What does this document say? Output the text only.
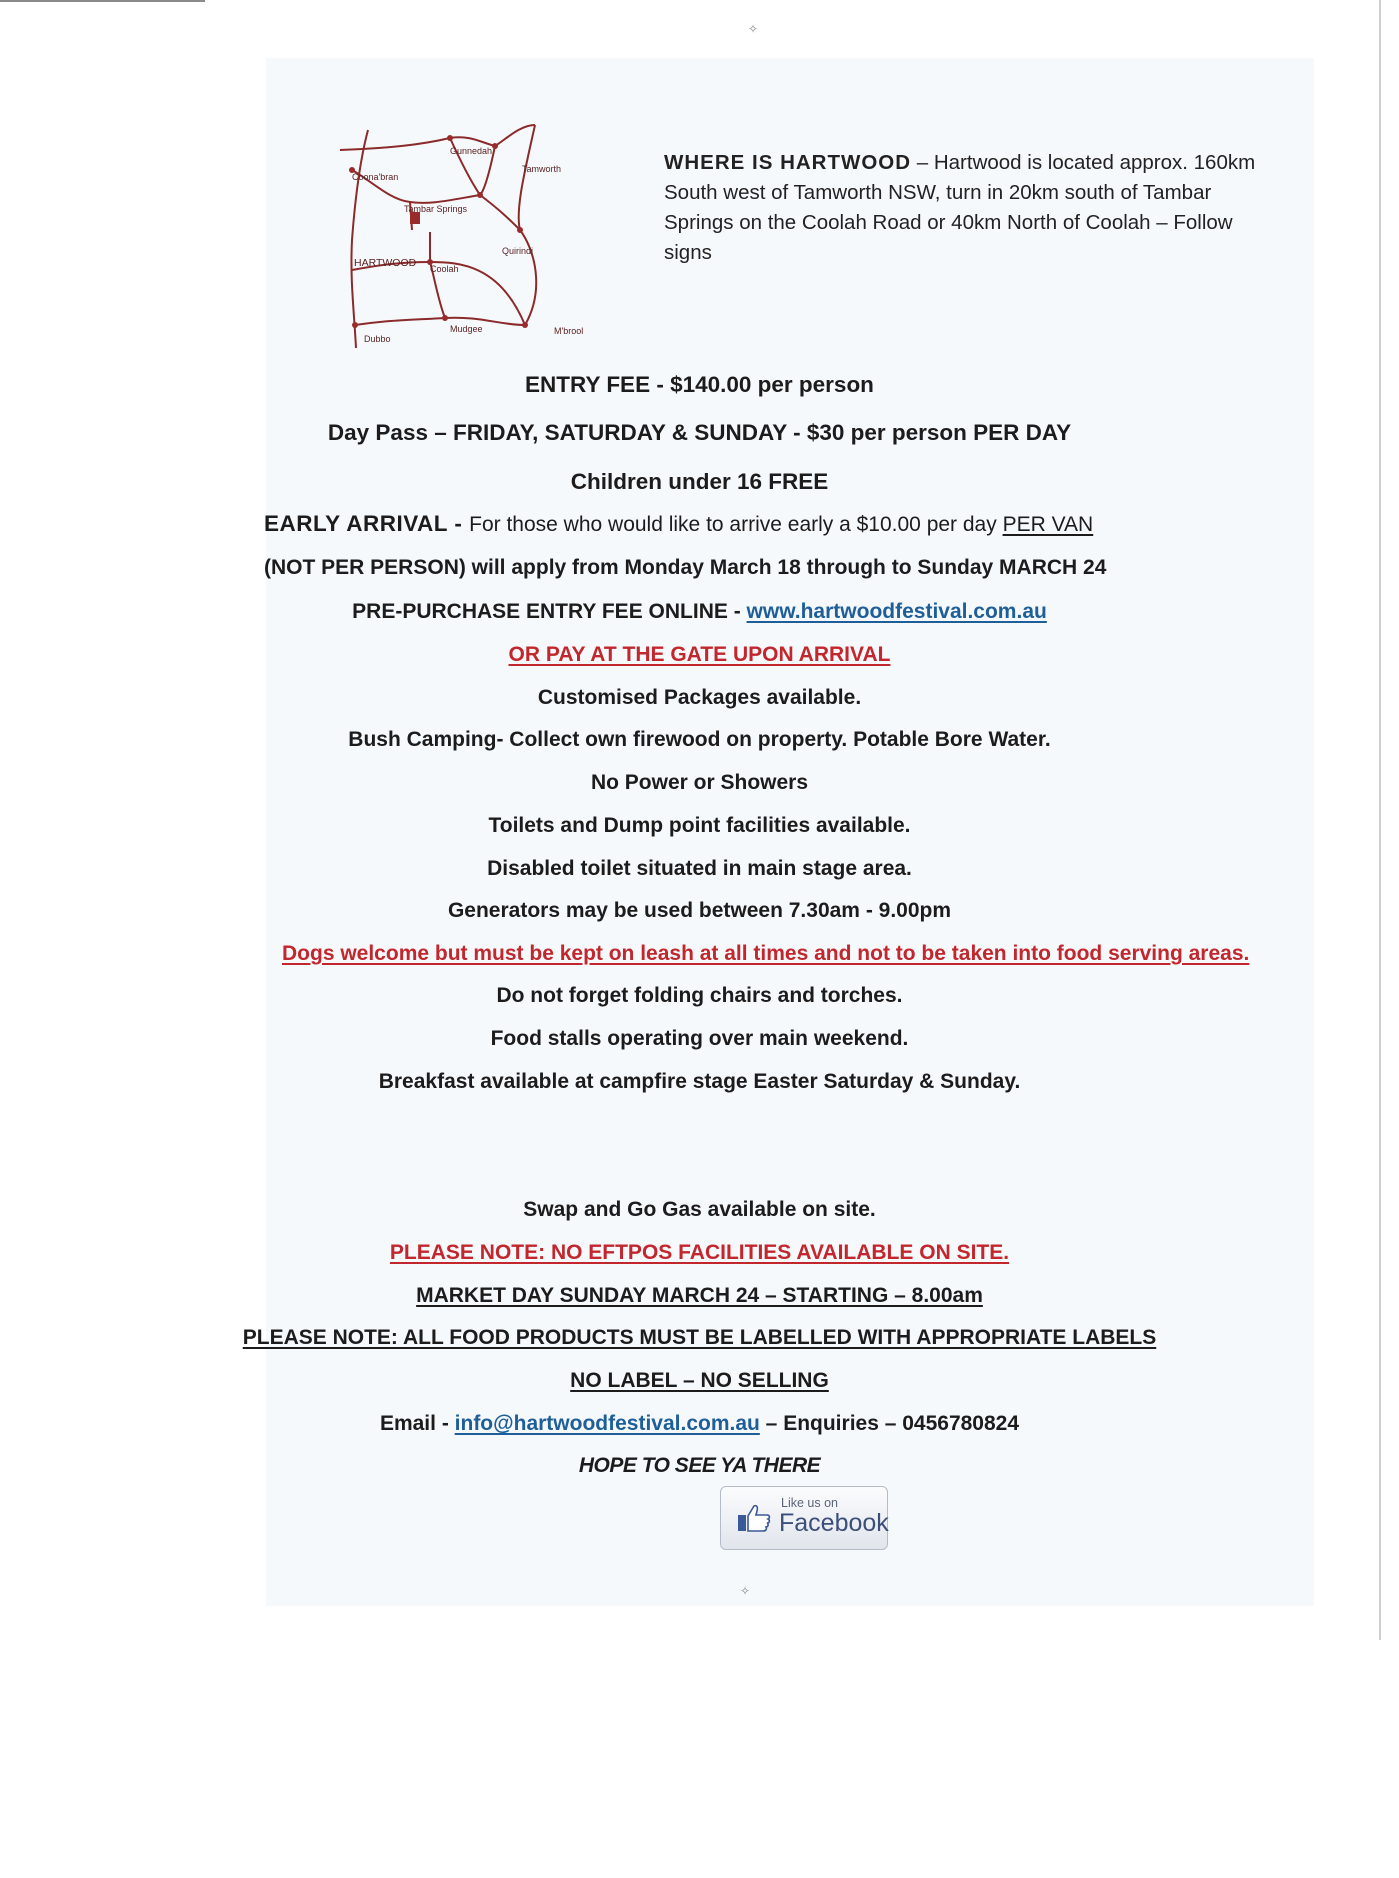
✧
Gunnedah
Coona'bran
Tamworth
Tambar Springs
HARTWOOD Coolah
Quirindi
Dubbo
Mudgee	M'brool
WHERE IS HARTWOOD – Hartwood is located approx. 160km South west of Tamworth NSW, turn in 20km south of Tambar Springs on the Coolah Road or 40km North of Coolah – Follow signs
ENTRY FEE - $140.00 per person
Day Pass – FRIDAY, SATURDAY & SUNDAY - $30 per person PER DAY
Children under 16 FREE
EARLY ARRIVAL - For those who would like to arrive early a $10.00 per day PER VAN
(NOT PER PERSON) will apply from Monday March 18 through to Sunday MARCH 24
PRE-PURCHASE ENTRY FEE ONLINE - www.hartwoodfestival.com.au
OR PAY AT THE GATE UPON ARRIVAL
Customised Packages available.
Bush Camping- Collect own firewood on property. Potable Bore Water.
No Power or Showers
Toilets and Dump point facilities available.
Disabled toilet situated in main stage area.
Generators may be used between 7.30am - 9.00pm
Dogs welcome but must be kept on leash at all times and not to be taken into food serving areas.
Do not forget folding chairs and torches.
Food stalls operating over main weekend.
Breakfast available at campfire stage Easter Saturday & Sunday.
Swap and Go Gas available on site.
PLEASE NOTE: NO EFTPOS FACILITIES AVAILABLE ON SITE.
MARKET DAY SUNDAY MARCH 24 – STARTING – 8.00am
PLEASE NOTE: ALL FOOD PRODUCTS MUST BE LABELLED WITH APPROPRIATE LABELS
NO LABEL – NO SELLING
Email - info@hartwoodfestival.com.au – Enquiries – 0456780824
HOPE TO SEE YA THERE
Like us on
Facebook
✧
